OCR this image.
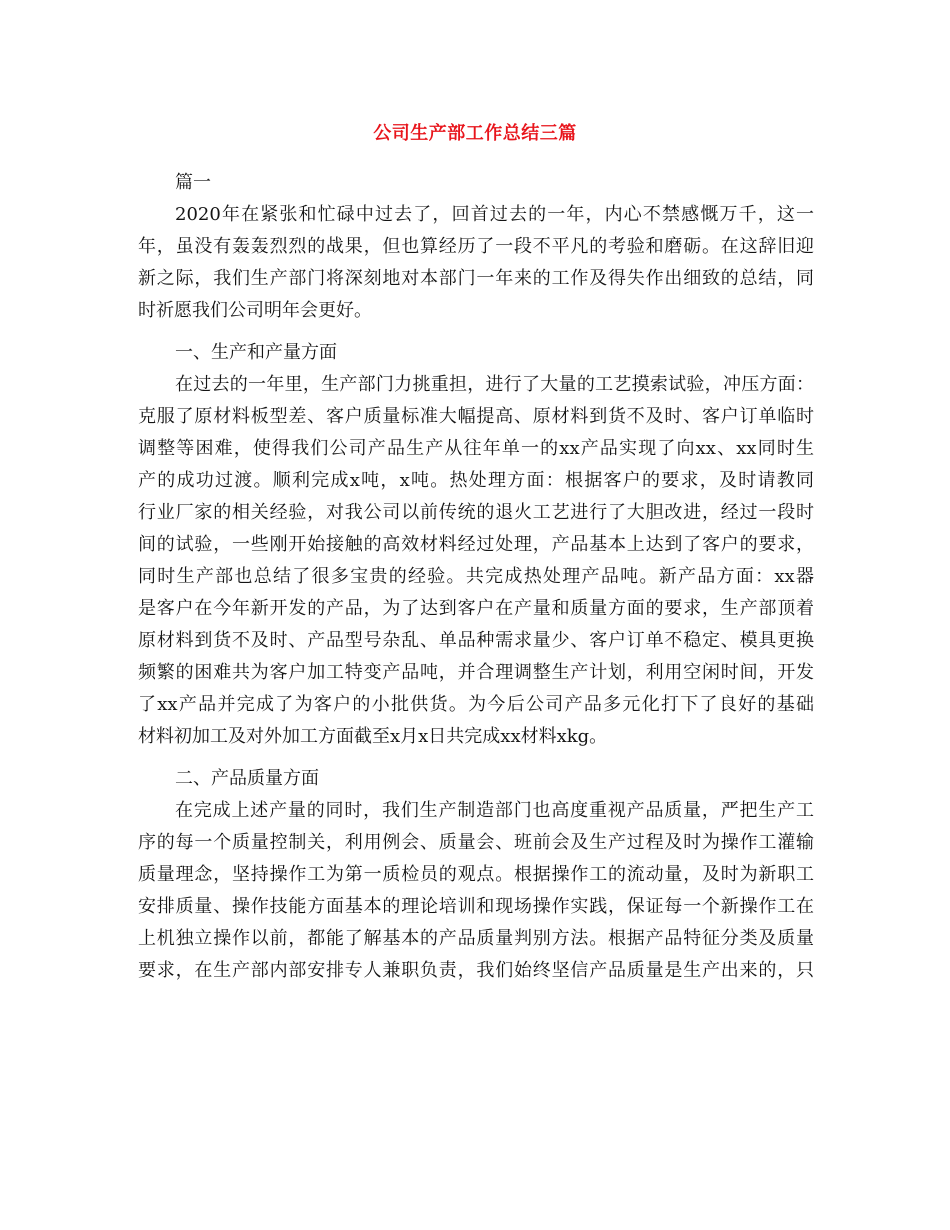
公司生产部工作总结三篇
篇一
2020年在紧张和忙碌中过去了，回首过去的一年，内心不禁感慨万千，这一
年，虽没有轰轰烈烈的战果，但也算经历了一段不平凡的考验和磨砺。在这辞旧迎
新之际，我们生产部门将深刻地对本部门一年来的工作及得失作出细致的总结，同
时祈愿我们公司明年会更好。
一、生产和产量方面
在过去的一年里，生产部门力挑重担，进行了大量的工艺摸索试验，冲压方面：
克服了原材料板型差、客户质量标准大幅提高、原材料到货不及时、客户订单临时
调整等困难，使得我们公司产品生产从往年单一的xx产品实现了向xx、xx同时生
产的成功过渡。顺利完成x吨，x吨。热处理方面：根据客户的要求，及时请教同
行业厂家的相关经验，对我公司以前传统的退火工艺进行了大胆改进，经过一段时
间的试验，一些刚开始接触的高效材料经过处理，产品基本上达到了客户的要求，
同时生产部也总结了很多宝贵的经验。共完成热处理产品吨。新产品方面：xx器
是客户在今年新开发的产品，为了达到客户在产量和质量方面的要求，生产部顶着
原材料到货不及时、产品型号杂乱、单品种需求量少、客户订单不稳定、模具更换
频繁的困难共为客户加工特变产品吨，并合理调整生产计划，利用空闲时间，开发
了xx产品并完成了为客户的小批供货。为今后公司产品多元化打下了良好的基础
材料初加工及对外加工方面截至x月x日共完成xx材料xkg。
二、产品质量方面
在完成上述产量的同时，我们生产制造部门也高度重视产品质量，严把生产工
序的每一个质量控制关，利用例会、质量会、班前会及生产过程及时为操作工灌输
质量理念，坚持操作工为第一质检员的观点。根据操作工的流动量，及时为新职工
安排质量、操作技能方面基本的理论培训和现场操作实践，保证每一个新操作工在
上机独立操作以前，都能了解基本的产品质量判别方法。根据产品特征分类及质量
要求，在生产部内部安排专人兼职负责，我们始终坚信产品质量是生产出来的，只
